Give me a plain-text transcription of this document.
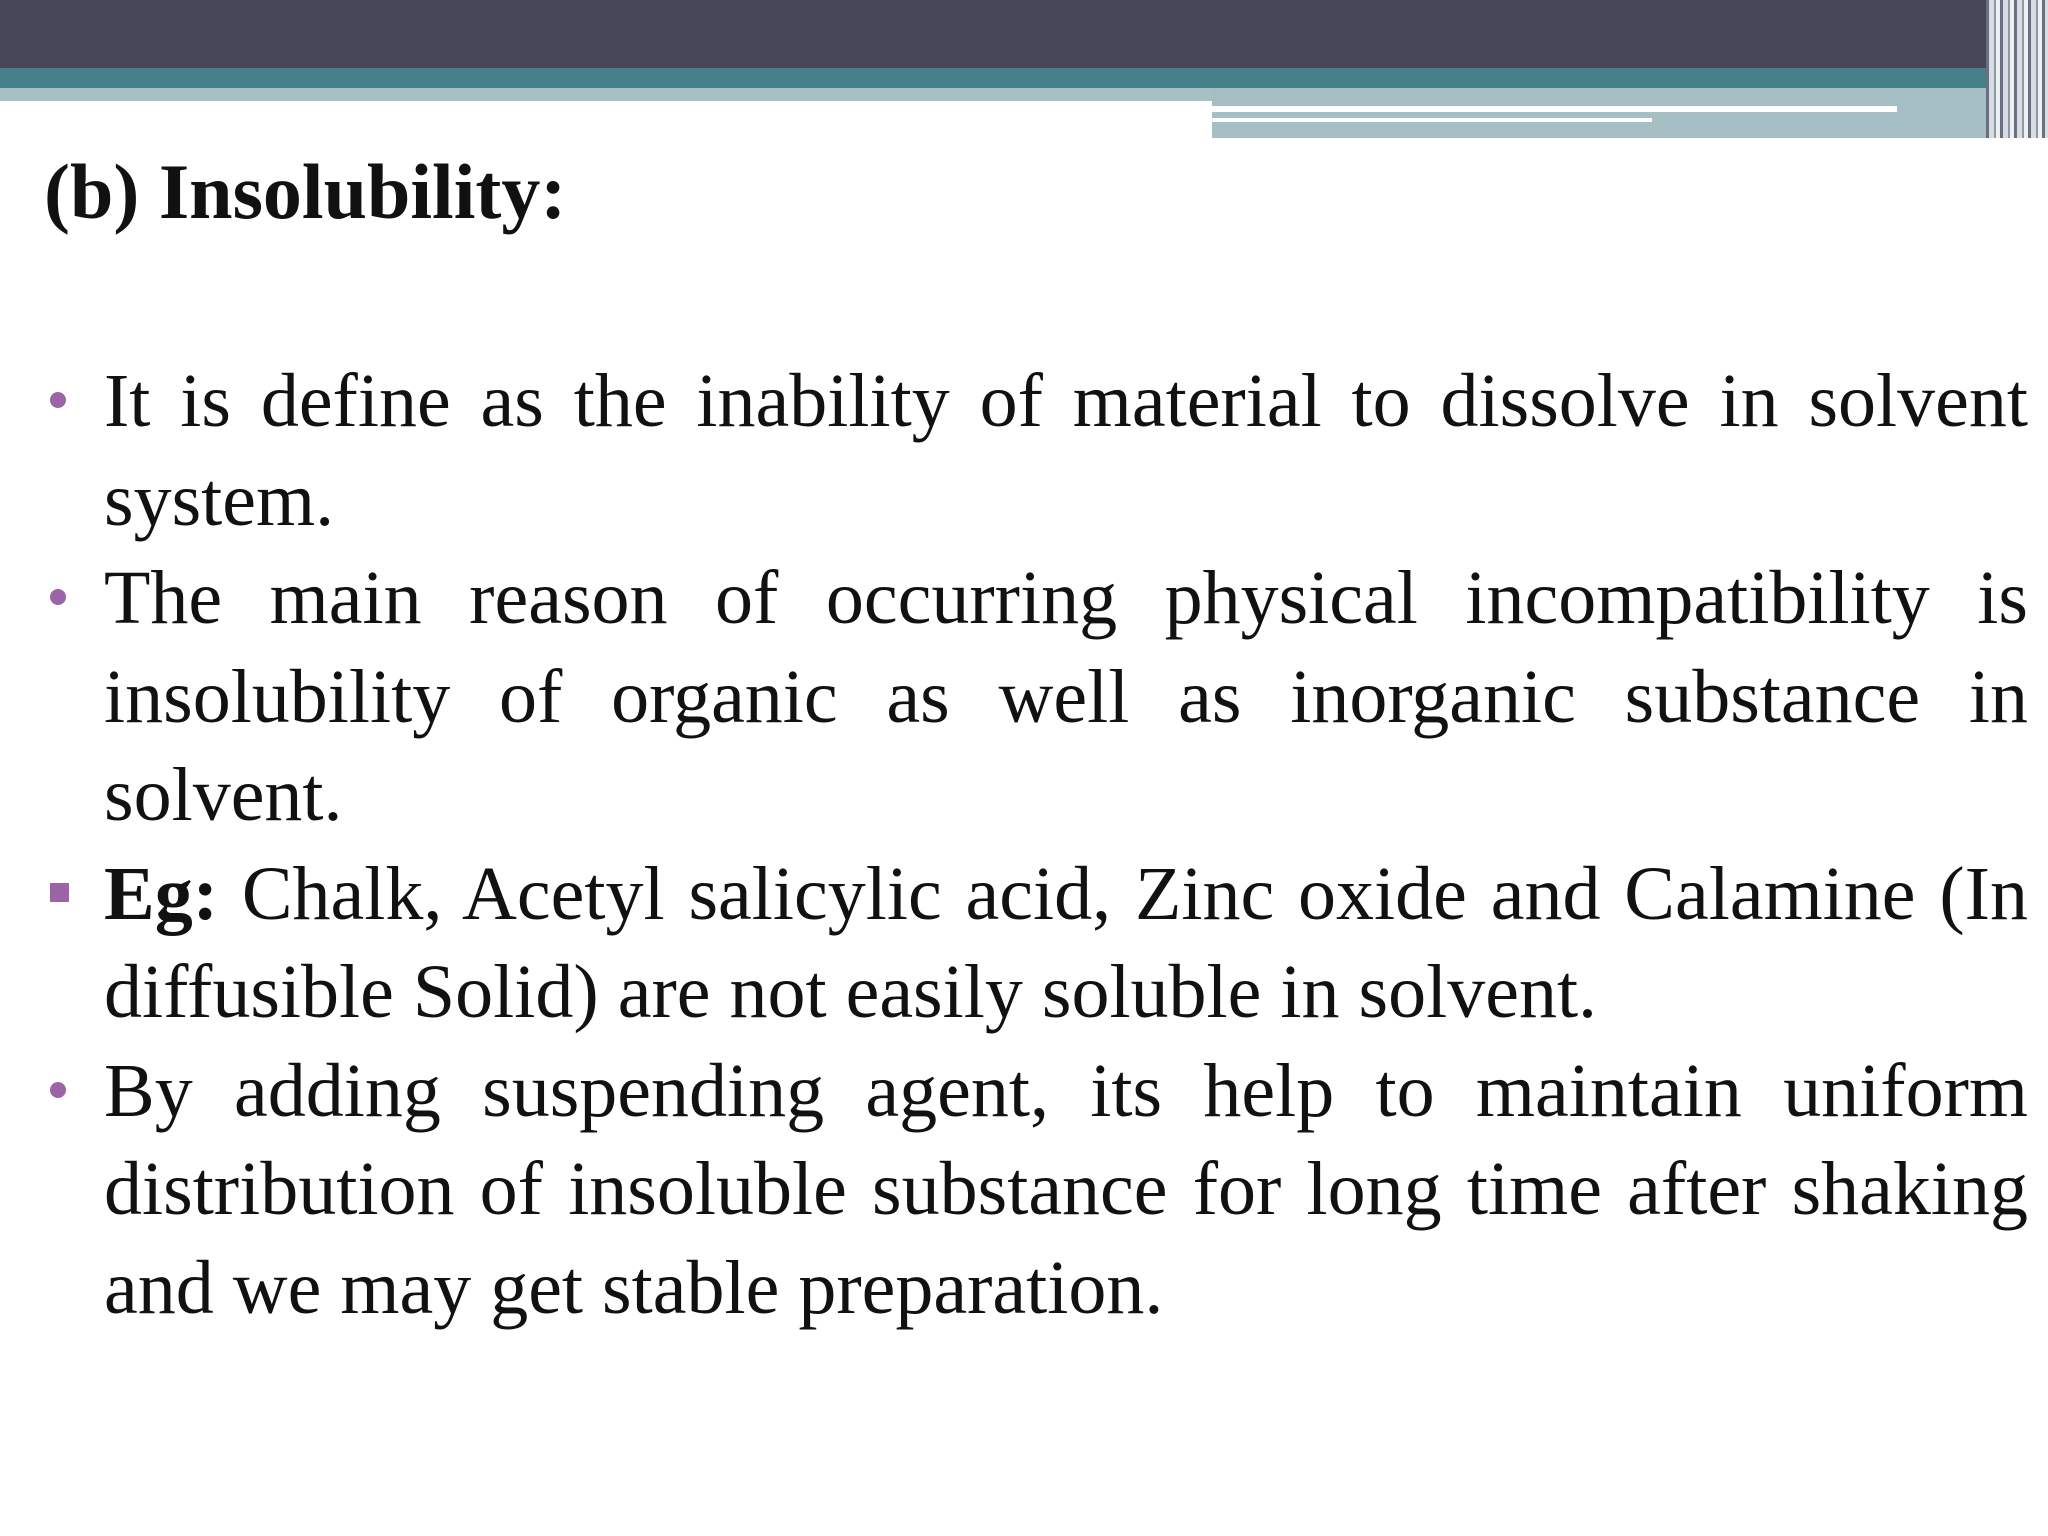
(b) Insolubility:
It is define as the inability of material to dissolve in solvent system.
The main reason of occurring physical incompatibility is insolubility of organic as well as inorganic substance in solvent.
Eg: Chalk, Acetyl salicylic acid, Zinc oxide and Calamine (In diffusible Solid) are not easily soluble in solvent.
By adding suspending agent, its help to maintain uniform distribution of insoluble substance for long time after shaking and we may get stable preparation.
